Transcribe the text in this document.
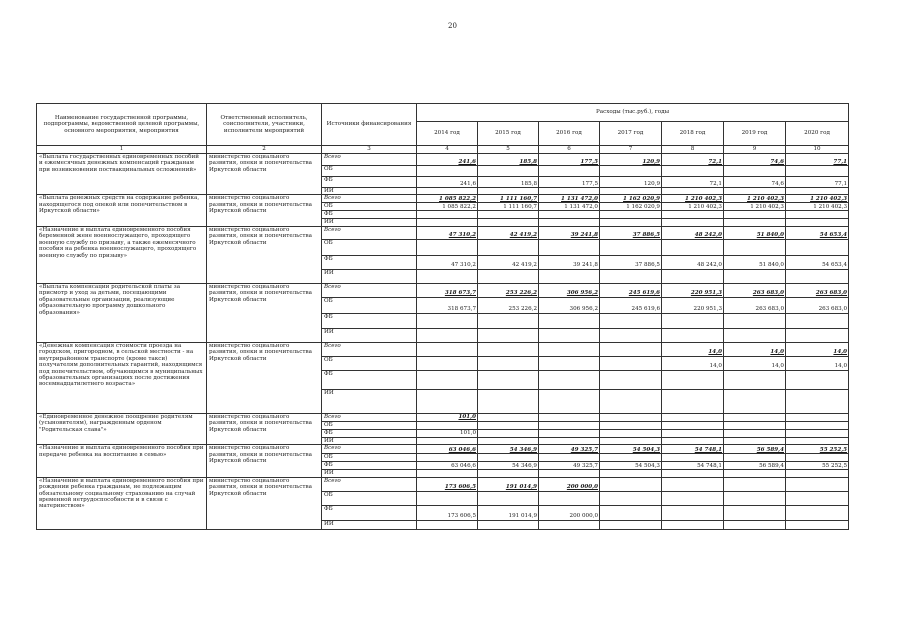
20
Наименование государственной программы, подпрограммы, ведомственной целевой программы, основного мероприятия, мероприятия	Ответственный исполнитель, соисполнители, участники, исполнители мероприятий	Источники финансирования	Расходы (тыс.руб.), годы						
			2014 год	2015 год	2016 год	2017 год	2018 год	2019 год	2020 год
1	2	3	4	5	6	7	8	9	10
«Выплата государственных единовременных пособий и ежемесячных денежных компенсаций гражданам при возникновении поствакцинальных осложнений»	министерство социального развития, опеки и попечительства Иркутской области	Всего	241,6	185,8	177,5	120,9	72,1	74,6	77,1
		ОБ							
		ФБ	241,6	185,8	177,5	120,9	72,1	74,6	77,1
		ИИ							
«Выплата денежных средств на содержание ребенка, находящегося под опекой или попечительством в Иркутской области»	министерство социального развития, опеки и попечительства Иркутской области	Всего	1 085 822,2	1 111 160,7	1 131 472,0	1 162 020,9	1 210 402,3	1 210 402,3	1 210 402,3
		ОБ	1 085 822,2	1 111 160,7	1 131 472,0	1 162 020,9	1 210 402,3	1 210 402,3	1 210 402,3
		ФБ							
		ИИ							
«Назначение и выплата единовременного пособия беременной жене военнослужащего, проходящего военную службу по призыву, а также ежемесячного пособия на ребенка военнослужащего, проходящего военную службу по призыву»	министерство социального развития, опеки и попечительства Иркутской области	Всего	47 310,2	42 419,2	39 241,8	37 886,5	48 242,0	51 840,0	54 653,4
		ОБ							
		ФБ	47 310,2	42 419,2	39 241,8	37 886,5	48 242,0	51 840,0	54 653,4
		ИИ							
«Выплата компенсации родительской платы за присмотр и уход за детьми, посещающими образовательные организации, реализующие образовательную программу дошкольного образования»	министерство социального развития, опеки и попечительства Иркутской области	Всего	318 673,7	253 226,2	306 956,2	245 619,6	220 951,3	263 683,0	263 683,0
		ОБ	318 673,7	253 226,2	306 956,2	245 619,6	220 951,3	263 683,0	263 683,0
		ФБ							
		ИИ							
«Денежная компенсация стоимости проезда на городском, пригородном, в сельской местности - на внутрирайонном транспорте (кроме такси) получателям дополнительных гарантий, находящимся под попечительством, обучающимся в муниципальных образовательных организациях после достижения восемнадцатилетнего возраста»	министерство социального развития, опеки и попечительства Иркутской области	Всего					14,0	14,0	14,0
		ОБ					14,0	14,0	14,0
		ФБ							
		ИИ							
«Единовременное денежное поощрение родителям (усыновителям), награжденным орденом "Родительская слава"»	министерство социального развития, опеки и попечительства Иркутской области	Всего	101,0						
		ОБ							
		ФБ	101,0						
		ИИ							
«Назначение и выплата единовременного пособия при передаче ребенка на воспитание в семью»	министерство социального развития, опеки и попечительства Иркутской области	Всего	63 046,6	54 346,9	49 325,7	54 504,3	54 748,1	56 589,4	55 252,5
		ОБ							
		ФБ	63 046,6	54 346,9	49 325,7	54 504,3	54 748,1	56 589,4	55 252,5
		ИИ							
«Назначение и выплата единовременного пособия при рождении ребенка гражданам, не подлежащим обязательному социальному страхованию на случай временной нетрудоспособности и в связи с материнством»	министерство социального развития, опеки и попечительства Иркутской области	Всего	173 606,5	191 014,9	200 000,0				
		ОБ							
		ФБ	173 606,5	191 014,9	200 000,0				
		ИИ							
